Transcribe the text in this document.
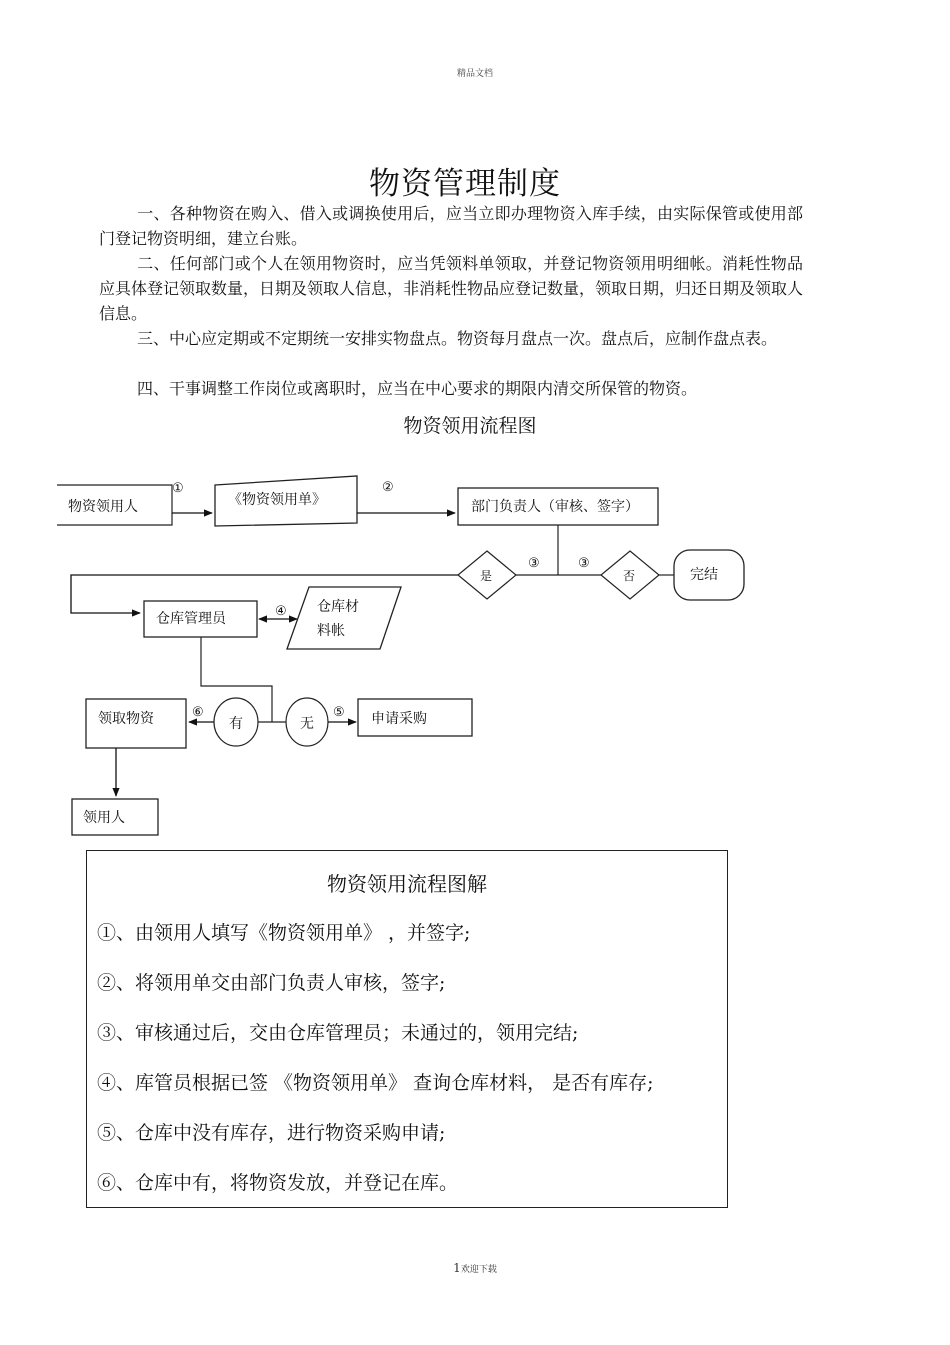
精品文档
物资管理制度
一、各种物资在购入、借入或调换使用后，应当立即办理物资入库手续，由实际保管或使用部门登记物资明细，建立台账。
二、任何部门或个人在领用物资时，应当凭领料单领取，并登记物资领用明细帐。消耗性物品应具体登记领取数量，日期及领取人信息，非消耗性物品应登记数量，领取日期，归还日期及领取人信息。
三、中心应定期或不定期统一安排实物盘点。物资每月盘点一次。盘点后，应制作盘点表。
四、干事调整工作岗位或离职时，应当在中心要求的期限内清交所保管的物资。
物资领用流程图
物资领用人
①
《物资领用单》
②
部门负责人（审核、签字）
是
③	③
否	完结
仓库管理员	④ 仓库材
料帐
有	无
⑤ 申请采购
⑥
领取物资
领用人
物资领用流程图解
①、由领用人填写《物资领用单》 ，并签字;
②、将领用单交由部门负责人审核，签字;
③、审核通过后，交由仓库管理员；未通过的，领用完结;
④、库管员根据已签 《物资领用单》 查询仓库材料， 是否有库存;
⑤、仓库中没有库存，进行物资采购申请;
⑥、仓库中有，将物资发放，并登记在库。
1欢迎下载
